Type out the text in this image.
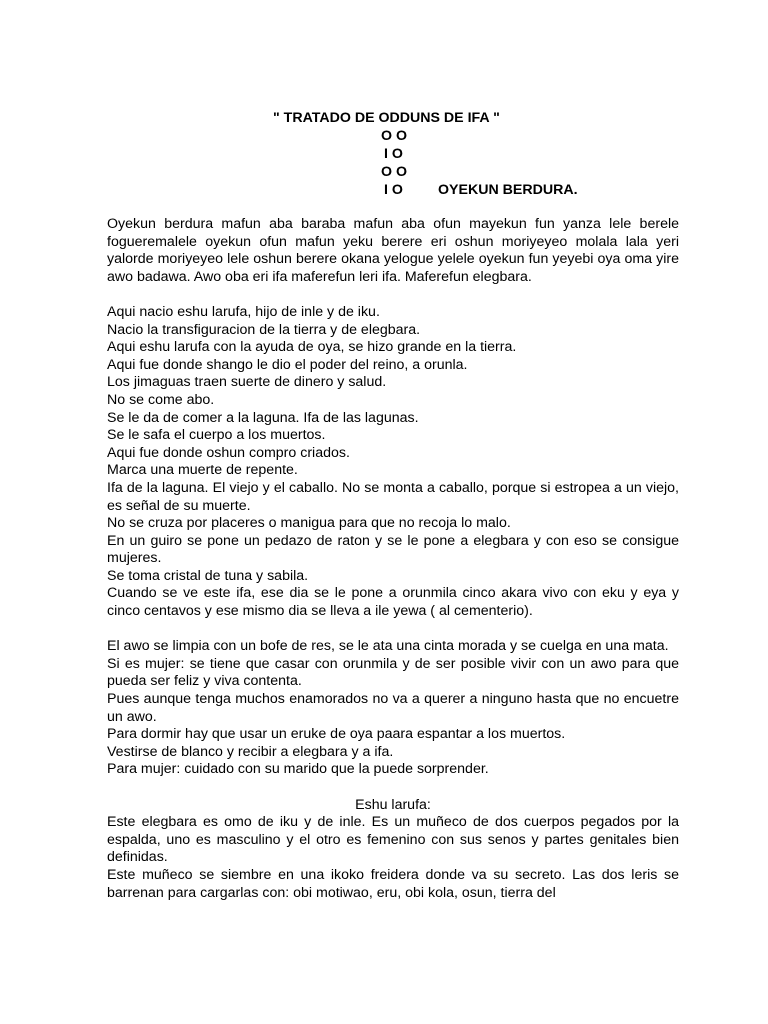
" TRATADO DE ODDUNS DE IFA "
O O
I O
O O
I O OYEKUN BERDURA.

Oyekun berdura mafun aba baraba mafun aba ofun mayekun fun yanza lele berele fogueremalele oyekun ofun mafun yeku berere eri oshun moriyeyeo molala lala yeri yalorde moriyeyeo lele oshun berere okana yelogue yelele oyekun fun yeyebi oya oma yire awo badawa. Awo oba eri ifa maferefun leri ifa. Maferefun elegbara.

Aqui nacio eshu larufa, hijo de inle y de iku.

Nacio la transfiguracion de la tierra y de elegbara.

Aqui eshu larufa con la ayuda de oya, se hizo grande en la tierra.

Aqui fue donde shango le dio el poder del reino, a orunla.

Los jimaguas traen suerte de dinero y salud.

No se come abo.

Se le da de comer a la laguna. Ifa de las lagunas.

Se le safa el cuerpo a los muertos.

Aqui fue donde oshun compro criados.

Marca una muerte de repente.

Ifa de la laguna. El viejo y el caballo. No se monta a caballo, porque si estropea a un viejo, es señal de su muerte.

No se cruza por placeres o manigua para que no recoja lo malo.

En un guiro se pone un pedazo de raton y se le pone a elegbara y con eso se consigue mujeres.

Se toma cristal de tuna y sabila.

Cuando se ve este ifa, ese dia se le pone a orunmila cinco akara vivo con eku y eya y cinco centavos y ese mismo dia se lleva a ile yewa ( al cementerio).

El awo se limpia con un bofe de res, se le ata una cinta morada y se cuelga en una mata.

Si es mujer: se tiene que casar con orunmila y de ser posible vivir con un awo para que pueda ser feliz y viva contenta.

Pues aunque tenga muchos enamorados no va a querer a ninguno hasta que no encuetre un awo.

Para dormir hay que usar un eruke de oya paara espantar a los muertos.

Vestirse de blanco y recibir a elegbara y a ifa.

Para mujer: cuidado con su marido que la puede sorprender.

Eshu larufa:

Este elegbara es omo de iku y de inle. Es un muñeco de dos cuerpos pegados por la espalda, uno es masculino y el otro es femenino con sus senos y partes genitales bien definidas.

Este muñeco se siembre en una ikoko freidera donde va su secreto. Las dos leris se barrenan para cargarlas con: obi motiwao, eru, obi kola, osun, tierra del
